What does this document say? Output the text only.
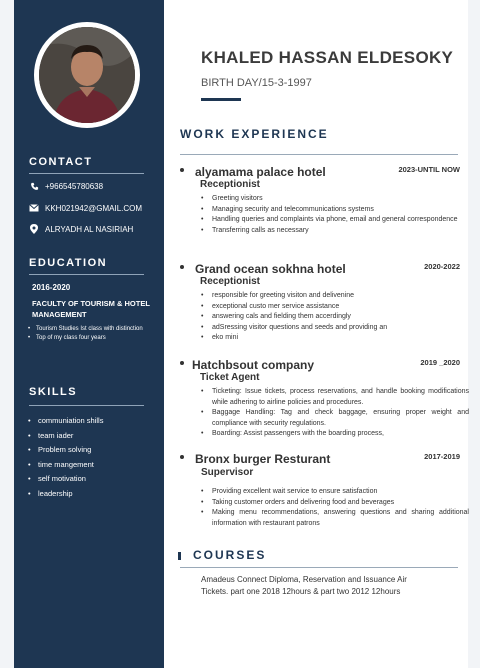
CONTACT
+966545780638
KKH021942@GMAIL.COM
ALRYADH AL NASIRIAH
EDUCATION
2016-2020
FACULTY OF TOURISM & HOTEL MANAGEMENT
• Tourism Studies Ist class with distinction
• Top of my class four years
SKILLS
• communiation shills
• team iader
• Problem solving
• time mangement
• self motivation
• leadership
KHALED HASSAN ELDESOKY
BIRTH DAY/15-3-1997
WORK EXPERIENCE
alyamama palace hotel	2023-UNTIL NOW
Receptionist
• Greeting visitors
• Managing security and telecommunications systems
• Handling queries and complaints via phone, email and general correspondence
• Transferring calls as necessary
Grand ocean sokhna hotel	2020-2022
Receptionist
• responsible for greeting visiton and delivenine
• exceptional custo mer service assistance
• answering cals and fielding them accerdingly
• adSressing visitor questions and seeds and providing an
• eko mini
Hatchbsout company	2019 _2020
Ticket Agent
• Ticketing: Issue tickets, process reservations, and handle booking modifications while adhering to airline policies and procedures.
• Baggage Handling: Tag and check baggage, ensuring proper weight and compliance with security regulations.
• Boarding: Assist passengers with the boarding process,
Bronx burger Resturant	2017-2019
Supervisor
• Providing excellent wait service to ensure satisfaction
• Taking customer orders and delivering food and beverages
• Making menu recommendations, answering questions and sharing additional information with restaurant patrons
COURSES
Amadeus Connect Diploma, Reservation and Issuance Air Tickets. part one 2018 12hours & part two 2012 12hours
